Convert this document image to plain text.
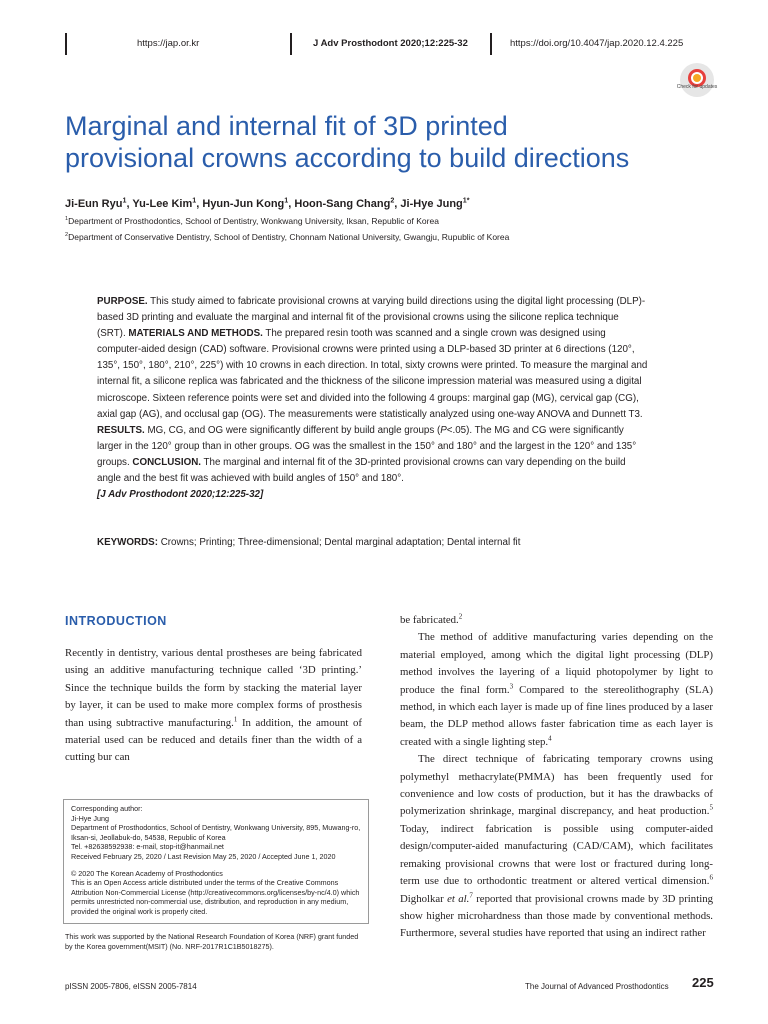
https://jap.or.kr	J Adv Prosthodont 2020;12:225-32	https://doi.org/10.4047/jap.2020.12.4.225
Check for updates
Marginal and internal fit of 3D printed
provisional crowns according to build directions
Ji-Eun Ryu$^1$, Yu-Lee Kim$^1$, Hyun-Jun Kong$^1$, Hoon-Sang Chang$^2$, Ji-Hye Jung$^{1*}$
$^1$Department of Prosthodontics, School of Dentistry, Wonkwang University, Iksan, Republic of Korea
$^2$Department of Conservative Dentistry, School of Dentistry, Chonnam National University, Gwangju, Rupublic of Korea
PURPOSE. This study aimed to fabricate provisional crowns at varying build directions using the digital light processing (DLP)-based 3D printing and evaluate the marginal and internal fit of the provisional crowns using the silicone replica technique (SRT). MATERIALS AND METHODS. The prepared resin tooth was scanned and a single crown was designed using computer-aided design (CAD) software. Provisional crowns were printed using a DLP-based 3D printer at 6 directions (120°, 135°, 150°, 180°, 210°, 225°) with 10 crowns in each direction. In total, sixty crowns were printed. To measure the marginal and internal fit, a silicone replica was fabricated and the thickness of the silicone impression material was measured using a digital microscope. Sixteen reference points were set and divided into the following 4 groups: marginal gap (MG), cervical gap (CG), axial gap (AG), and occlusal gap (OG). The measurements were statistically analyzed using one-way ANOVA and Dunnett T3. RESULTS. MG, CG, and OG were significantly different by build angle groups (P<.05). The MG and CG were significantly larger in the 120° group than in other groups. OG was the smallest in the 150° and 180° and the largest in the 120° and 135° groups. CONCLUSION. The marginal and internal fit of the 3D-printed provisional crowns can vary depending on the build angle and the best fit was achieved with build angles of 150° and 180°.
[J Adv Prosthodont 2020;12:225-32]
KEYWORDS: Crowns; Printing; Three-dimensional; Dental marginal adaptation; Dental internal fit
INTRODUCTION

Recently in dentistry, various dental prostheses are being fabricated using an additive manufacturing technique called ‘3D printing.’ Since the technique builds the form by stacking the material layer by layer, it can be used to make more complex forms of prosthesis than using subtractive manufacturing.$^1$ In addition, the amount of material used can be reduced and details finer than the width of a cutting bur can

be fabricated.$^2$

The method of additive manufacturing varies depending on the material employed, among which the digital light processing (DLP) method involves the layering of a liquid photopolymer by light to produce the final form.$^3$ Compared to the stereolithography (SLA) method, in which each layer is made up of fine lines produced by a laser beam, the DLP method allows faster fabrication time as each layer is created with a single lighting step.$^4$

The direct technique of fabricating temporary crowns using polymethyl methacrylate(PMMA) has been frequently used for convenience and low costs of production, but it has the drawbacks of polymerization shrinkage, marginal discrepancy, and heat production.$^5$ Today, indirect fabrication is possible using computer-aided design/computer-aided manufacturing (CAD/CAM), which facilitates remaking provisional crowns that were lost or fractured during long-term use due to orthodontic treatment or altered vertical dimension.$^6$ Digholkar et al.$^7$ reported that provisional crowns made by 3D printing show higher microhardness than those made by conventional methods. Furthermore, several studies have reported that using an indirect rather

Corresponding author:

Ji-Hye Jung

Department of Prosthodontics, School of Dentistry, Wonkwang University, 895, Muwang-ro, Iksan-si, Jeollabuk-do, 54538, Republic of Korea

Tel. +82638592938: e-mail, stop-it@hanmail.net

Received February 25, 2020 / Last Revision May 25, 2020 / Accepted June 1, 2020

© 2020 The Korean Academy of Prosthodontics

This is an Open Access article distributed under the terms of the Creative Commons Attribution Non-Commercial License (http://creativecommons.org/licenses/by-nc/4.0) which permits unrestricted non-commercial use, distribution, and reproduction in any medium, provided the original work is properly cited.

This work was supported by the National Research Foundation of Korea (NRF) grant funded by the Korea government(MSIT) (No. NRF-2017R1C1B5018275).
pISSN 2005-7806, eISSN 2005-7814	The Journal of Advanced Prosthodontics 225
